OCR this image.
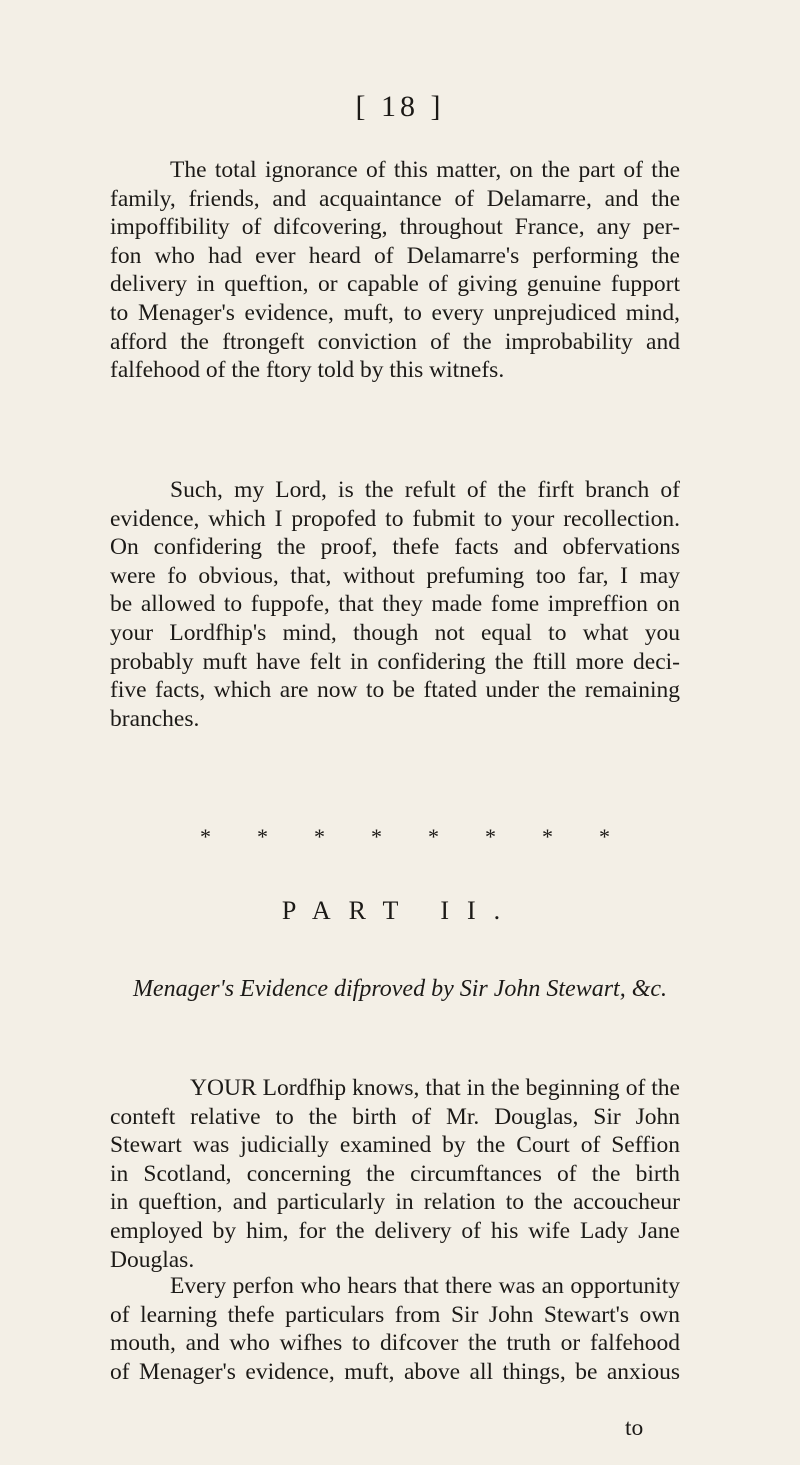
[ 18 ]
The total ignorance of this matter, on the part of the
family, friends, and acquaintance of Delamarre, and the
impoffibility of difcovering, throughout France, any per-
fon who had ever heard of Delamarre's performing the
delivery in queftion, or capable of giving genuine fupport
to Menager's evidence, muft, to every unprejudiced mind,
afford the ftrongeft conviction of the improbability and
falfehood of the ftory told by this witnefs.
Such, my Lord, is the refult of the firft branch of
evidence, which I propofed to fubmit to your recollection.
On confidering the proof, thefe facts and obfervations
were fo obvious, that, without prefuming too far, I may
be allowed to fuppofe, that they made fome impreffion on
your Lordfhip's mind, though not equal to what you
probably muft have felt in confidering the ftill more deci-
five facts, which are now to be ftated under the remaining
branches.
* * * * * * * *
PART II.
Menager's Evidence difproved by Sir John Stewart, &c.
YOUR Lordfhip knows, that in the beginning of the
conteft relative to the birth of Mr. Douglas, Sir John
Stewart was judicially examined by the Court of Seffion
in Scotland, concerning the circumftances of the birth
in queftion, and particularly in relation to the accoucheur
employed by him, for the delivery of his wife Lady Jane
Douglas.
Every perfon who hears that there was an opportunity
of learning thefe particulars from Sir John Stewart's own
mouth, and who wifhes to difcover the truth or falfehood
of Menager's evidence, muft, above all things, be anxious
to
